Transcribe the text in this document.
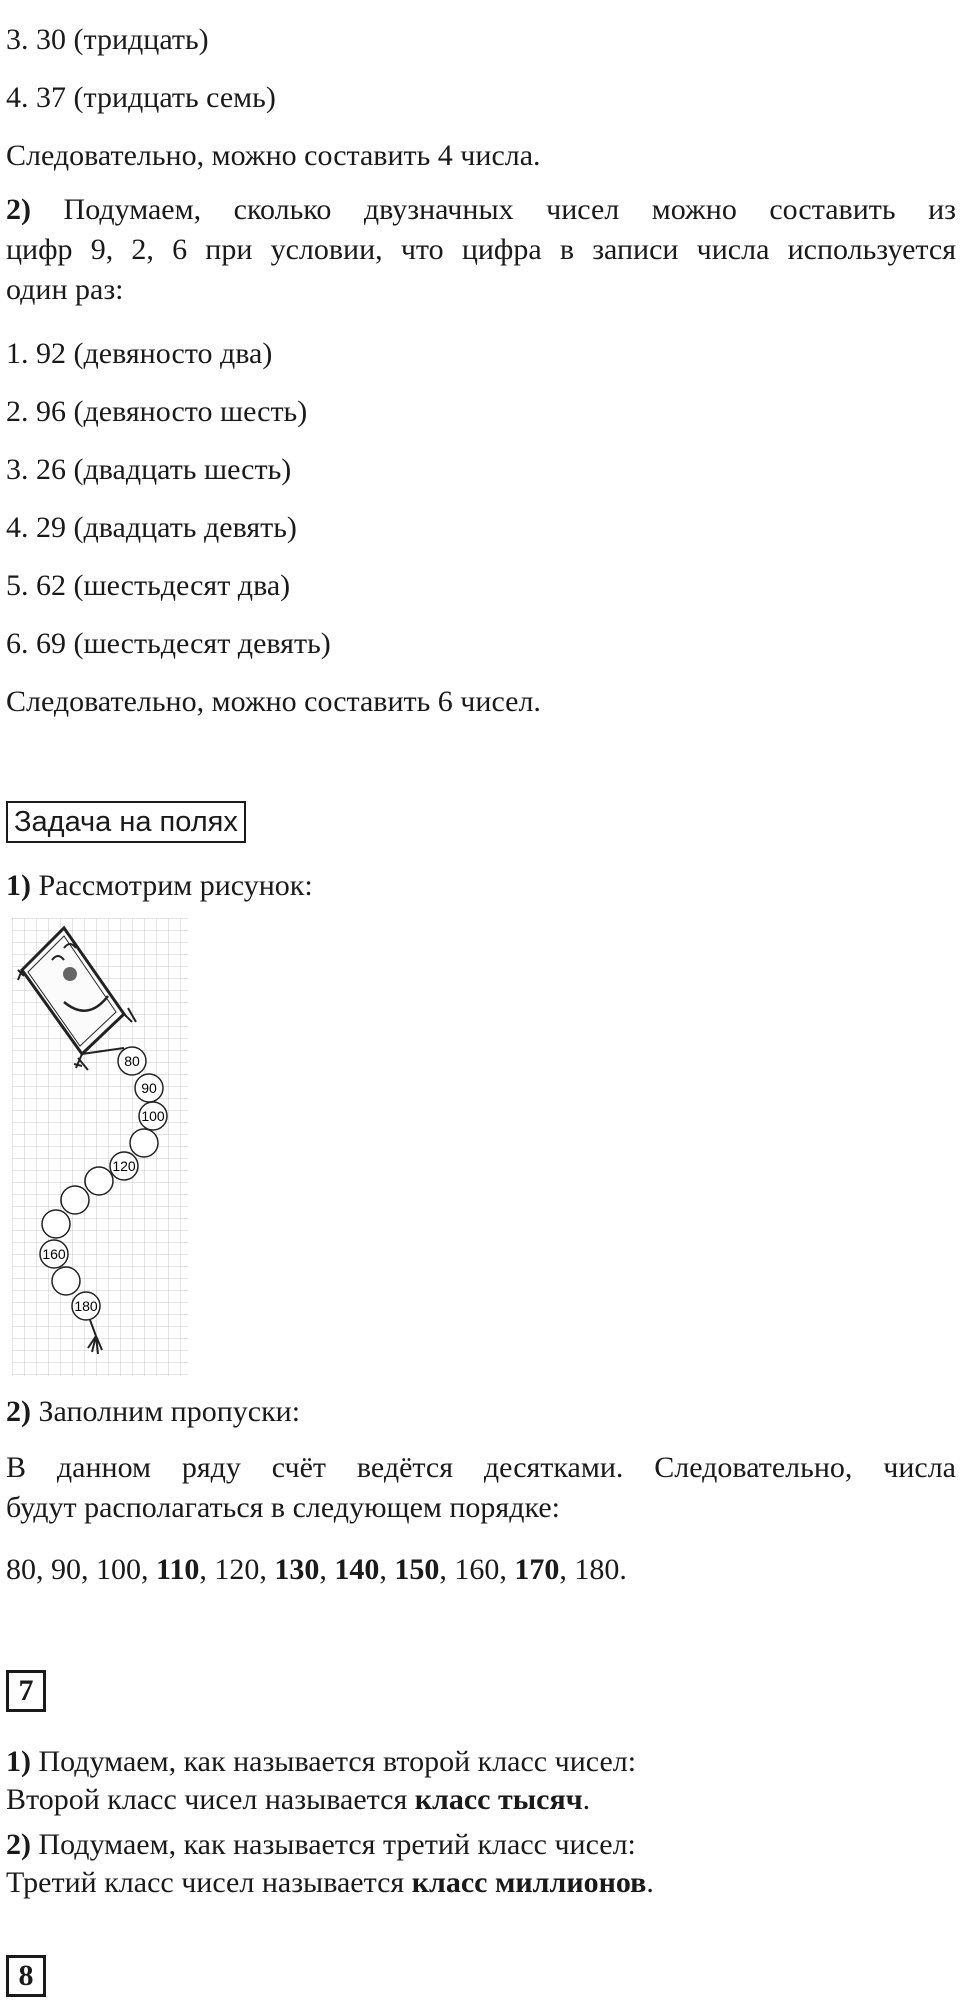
3. 30 (тридцать)
4. 37 (тридцать семь)
Следовательно, можно составить 4 числа.
2) Подумаем, сколько двузначных чисел можно составить из
цифр 9, 2, 6 при условии, что цифра в записи числа используется
один раз:
1. 92 (девяносто два)
2. 96 (девяносто шесть)
3. 26 (двадцать шесть)
4. 29 (двадцать девять)
5. 62 (шестьдесят два)
6. 69 (шестьдесят девять)
Следовательно, можно составить 6 чисел.
Задача на полях
1) Рассмотрим рисунок:
80
90
100
120
160
180
2) Заполним пропуски:
В данном ряду счёт ведётся десятками. Следовательно, числа
будут располагаться в следующем порядке:
80, 90, 100, 110, 120, 130, 140, 150, 160, 170, 180.
7
1) Подумаем, как называется второй класс чисел:
Второй класс чисел называется класс тысяч.
2) Подумаем, как называется третий класс чисел:
Третий класс чисел называется класс миллионов.
8
